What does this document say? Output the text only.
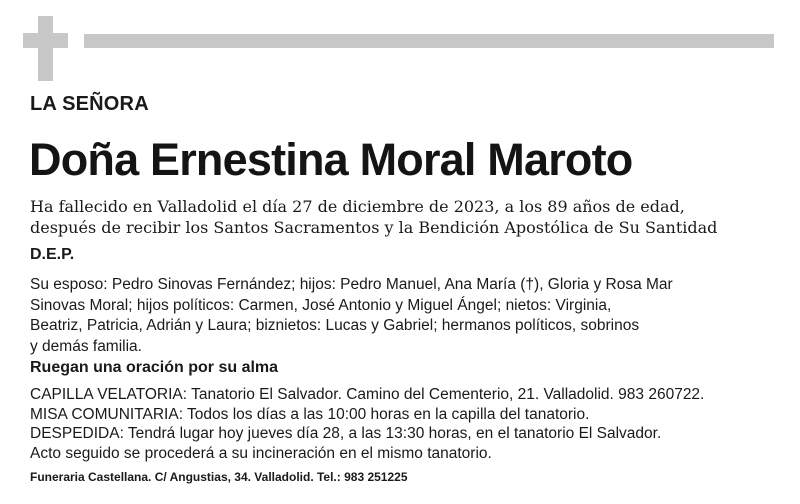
LA SEÑORA
Doña Ernestina Moral Maroto
Ha fallecido en Valladolid el día 27 de diciembre de 2023, a los 89 años de edad,
después de recibir los Santos Sacramentos y la Bendición Apostólica de Su Santidad
D.E.P.
Su esposo: Pedro Sinovas Fernández; hijos: Pedro Manuel, Ana María (†), Gloria y Rosa Mar
Sinovas Moral; hijos políticos: Carmen, José Antonio y Miguel Ángel; nietos: Virginia,
Beatriz, Patricia, Adrián y Laura; biznietos: Lucas y Gabriel; hermanos políticos, sobrinos
y demás familia.
Ruegan una oración por su alma
CAPILLA VELATORIA: Tanatorio El Salvador. Camino del Cementerio, 21. Valladolid. 983 260722.
MISA COMUNITARIA: Todos los días a las 10:00 horas en la capilla del tanatorio.
DESPEDIDA: Tendrá lugar hoy jueves día 28, a las 13:30 horas, en el tanatorio El Salvador.
Acto seguido se procederá a su incineración en el mismo tanatorio.
Funeraria Castellana. C/ Angustias, 34. Valladolid. Tel.: 983 251225
